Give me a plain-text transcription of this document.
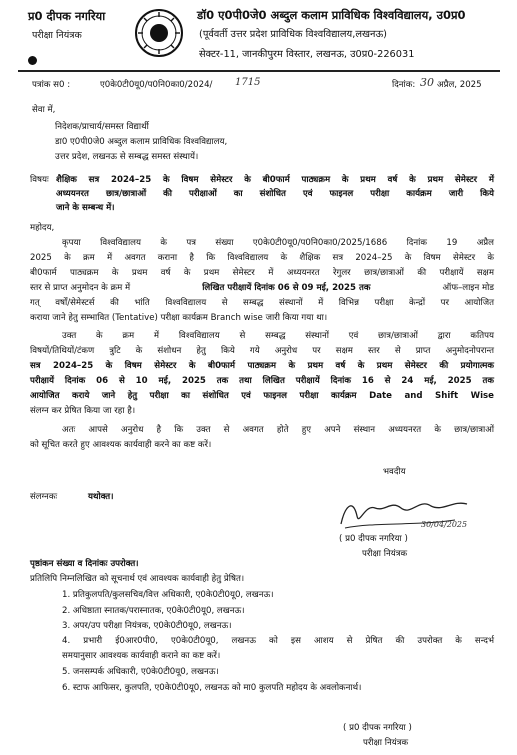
प्र0 दीपक नगरिया
परीक्षा नियंत्रक
डॉ0 ए0पी0जे0 अब्दुल कलाम प्राविधिक विश्वविद्यालय, उ0प्र0
(पूर्ववर्ती उत्तर प्रदेश प्राविधिक विश्वविद्यालय,लखनऊ)
सेक्टर-11, जानकीपुरम विस्तार, लखनऊ, उ0प्र0-226031
पत्रांक स0 :	ए0के0टी0यू0/प0नि0का0/2024/ 1715	दिनांक: 30 अप्रैल, 2025
सेवा में,
निदेशक/प्राचार्य/समस्त विद्यार्थी
डा0 ए0पी0जे0 अब्दुल कलाम प्राविधिक विश्वविद्यालय,
उत्तर प्रदेश, लखनऊ से सम्बद्ध समस्त संस्थायें।
विषयः शैक्षिक सत्र 2024–25 के विषम सेमेस्टर के बी0फार्म पाठ्यक्रम के प्रथम वर्ष के प्रथम सेमेस्टर में
अध्ययनरत छात्र/छात्राओं की परीक्षाओं का संशोधित एवं फाइनल परीक्षा कार्यक्रम जारी किये
जाने के सम्बन्ध में।
महोदय,
कृपया विश्वविद्यालय के पत्र संख्या ए0के0टी0यू0/प0नि0का0/2025/1686 दिनांक 19 अप्रैल
2025 के क्रम में अवगत कराना है कि विश्वविद्यालय के शैक्षिक सत्र 2024–25 के विषम सेमेस्टर के
बी0फार्म पाठ्यक्रम के प्रथम वर्ष के प्रथम सेमेस्टर में अध्ययनरत रेगुलर छात्र/छात्राओं की परीक्षायें सक्षम
स्तर से प्राप्त अनुमोदन के क्रम में	लिखित परीक्षायें दिनांक 06 से 09 मई, 2025 तक	ऑफ–लाइन मोड
गत् वर्षों/सेमेस्टर्स की भांति विश्वविद्यालय से सम्बद्ध संस्थानों में विभिन्न परीक्षा केन्द्रों पर आयोजित
कराया जाने हेतु सम्भावित (Tentative) परीक्षा कार्यक्रम Branch wise जारी किया गया था।
उक्त के क्रम में विश्वविद्यालय से सम्बद्ध संस्थानों एवं छात्र/छात्राओं द्वारा कतिपय
विषयों/तिथियों/टंकण त्रुटि के संशोधन हेतु किये गये अनुरोध पर सक्षम स्तर से प्राप्त अनुमोदनोपरान्त
सत्र 2024–25 के विषम सेमेस्टर के बी0फार्म पाठ्यक्रम के प्रथम वर्ष के प्रथम सेमेस्टर की प्रयोगात्मक
परीक्षायें दिनांक 06 से 10 मई, 2025 तक तथा लिखित परीक्षायें दिनांक 16 से 24 मई, 2025 तक
आयोजित कराये जाने हेतु परीक्षा का संशोधित एवं फाइनल परीक्षा कार्यक्रम Date and Shift Wise
संलग्न कर प्रेषित किया जा रहा है।
अतः आपसे अनुरोध है कि उक्त से अवगत होते हुए अपने संस्थान अध्ययनरत के छात्र/छात्राओं
को सूचित करते हुए आवश्यक कार्यवाही करने का कष्ट करें।
भवदीय
संलग्नकः	यथोक्त।
30/04/2025
( प्र0 दीपक नगरिया )
परीक्षा नियंत्रक
पृष्ठांकन संख्या व दिनांकः उपरोक्त।
प्रतिलिपि निम्नलिखित को सूचनार्थ एवं आवश्यक कार्यवाही हेतु प्रेषित।
1. प्रतिकुलपति/कुलसचिव/वित्त अधिकारी, ए0के0टी0यू0, लखनऊ।
2. अधिष्ठाता स्नातक/परास्नातक, ए0के0टी0यू0, लखनऊ।
3. अपर/उप परीक्षा नियंत्रक, ए0के0टी0यू0, लखनऊ।
4. प्रभारी ई0आर0पी0, ए0के0टी0यू0, लखनऊ को इस आशय से प्रेषित की उपरोक्त के सन्दर्भ
समयानुसार आवश्यक कार्यवाही कराने का कष्ट करें।
5. जनसम्पर्क अधिकारी, ए0के0टी0यू0, लखनऊ।
6. स्टाफ आफिसर, कुलपति, ए0के0टी0यू0, लखनऊ को मा0 कुलपति महोदय के अवलोकनार्थ।
( प्र0 दीपक नगरिया )
परीक्षा नियंत्रक
